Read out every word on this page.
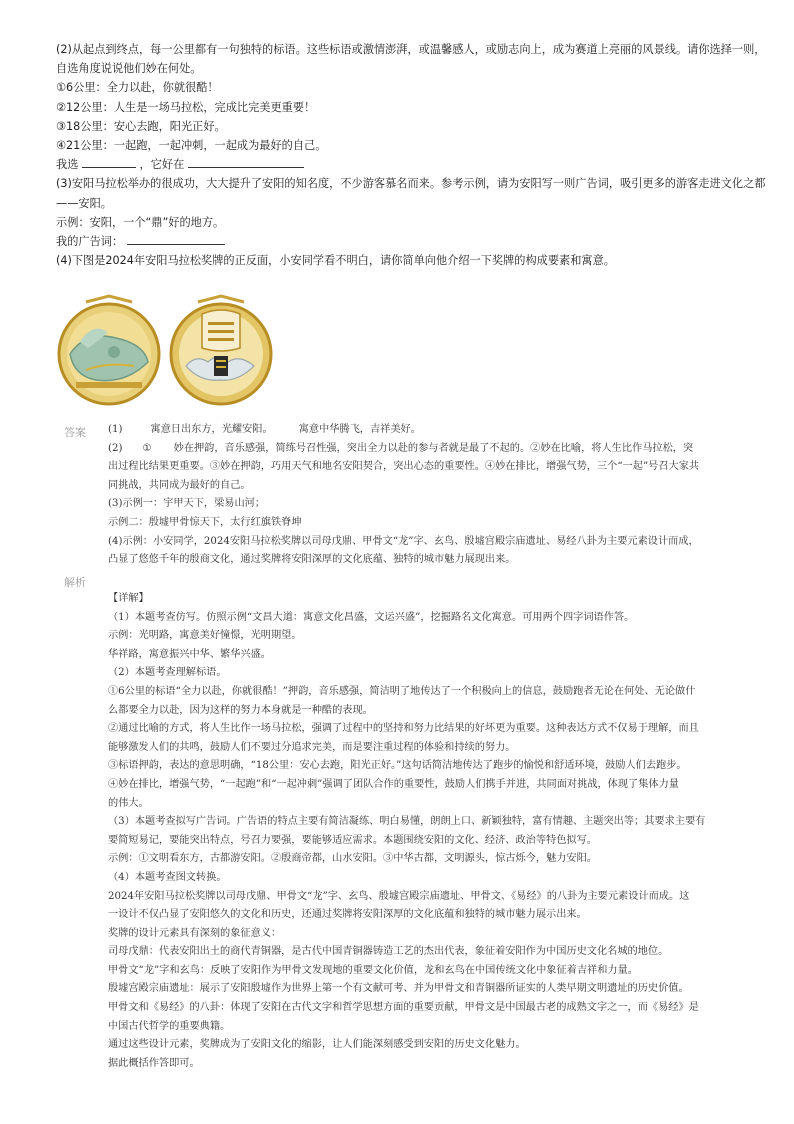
(2)从起点到终点，每一公里都有一句独特的标语。这些标语或激情澎湃，或温馨感人，或励志向上，成为赛道上亮丽的风景线。请你选择一则，自选角度说说他们妙在何处。

①6公里：全力以赴，你就很酷！

②12公里：人生是一场马拉松，完成比完美更重要！

③18公里：安心去跑，阳光正好。

④21公里：一起跑，一起冲刺，一起成为最好的自己。

我选	，它好在

(3)安阳马拉松举办的很成功，大大提升了安阳的知名度，不少游客慕名而来。参考示例，请为安阳写一则广告词，吸引更多的游客走进文化之都——安阳。

示例：安阳，一个“鼎”好的地方。

我的广告词：

(4)下图是2024年安阳马拉松奖牌的正反面，小安同学看不明白，请你简单向他介绍一下奖牌的构成要素和寓意。

答案 (1)	寓意日出东方，光耀安阳。	寓意中华腾飞，吉祥美好。

(2) ① 妙在押韵，音乐感强，简练号召性强，突出全力以赴的参与者就是最了不起的。②妙在比喻，将人生比作马拉松，突

出过程比结果更重要。③妙在押韵，巧用天气和地名安阳契合，突出心态的重要性。④妙在排比，增强气势，三个“一起”号召大家共

同挑战，共同成为最好的自己。

(3)示例一：宇甲天下，梁易山河；

示例二：殷墟甲骨惊天下，太行红旗铁脊坤

(4)示例：小安同学，2024安阳马拉松奖牌以司母戊鼎、甲骨文“龙”字、玄鸟、殷墟宫殿宗庙遗址、易经八卦为主要元素设计而成，

凸显了悠悠千年的殷商文化，通过奖牌将安阳深厚的文化底蕴、独特的城市魅力展现出来。

解析

【详解】

（1）本题考查仿写。仿照示例“文昌大道：寓意文化昌盛，文运兴盛”，挖掘路名文化寓意。可用两个四字词语作答。

示例：光明路，寓意美好憧憬，光明期望。

华祥路，寓意振兴中华、繁华兴盛。

（2）本题考查理解标语。

①6公里的标语“全力以赴，你就很酷！”押韵，音乐感强，简洁明了地传达了一个积极向上的信息，鼓励跑者无论在何处、无论做什

么都要全力以赴，因为这样的努力本身就是一种酷的表现。

②通过比喻的方式，将人生比作一场马拉松，强调了过程中的坚持和努力比结果的好坏更为重要。这种表达方式不仅易于理解，而且

能够激发人们的共鸣，鼓励人们不要过分追求完美，而是要注重过程的体验和持续的努力。

③标语押韵，表达的意思明确，“18公里：安心去跑，阳光正好。”这句话简洁地传达了跑步的愉悦和舒适环境，鼓励人们去跑步。

④妙在排比，增强气势，“一起跑”和“一起冲刺”强调了团队合作的重要性，鼓励人们携手并进，共同面对挑战，体现了集体力量

的伟大。

（3）本题考查拟写广告词。广告语的特点主要有简洁凝练、明白易懂，朗朗上口、新颖独特，富有情趣、主题突出等；其要求主要有

要简短易记，要能突出特点，号召力要强，要能够适应需求。本题围绕安阳的文化、经济、政治等特色拟写。

示例：①文明看东方，古都游安阳。②殷商帝都，山水安阳。③中华古都，文明源头，惊古烁今，魅力安阳。

（4）本题考查图文转换。

2024年安阳马拉松奖牌以司母戊鼎、甲骨文“龙”字、玄鸟、殷墟宫殿宗庙遗址、甲骨文、《易经》的八卦为主要元素设计而成。这

一设计不仅凸显了安阳悠久的文化和历史，还通过奖牌将安阳深厚的文化底蕴和独特的城市魅力展示出来。

奖牌的设计元素具有深刻的象征意义：

司母戊鼎：代表安阳出土的商代青铜器，是古代中国青铜器铸造工艺的杰出代表，象征着安阳作为中国历史文化名城的地位。

甲骨文“龙”字和玄鸟：反映了安阳作为甲骨文发现地的重要文化价值，龙和玄鸟在中国传统文化中象征着吉祥和力量。

殷墟宫殿宗庙遗址：展示了安阳殷墟作为世界上第一个有文献可考、并为甲骨文和青铜器所证实的人类早期文明遗址的历史价值。

甲骨文和《易经》的八卦：体现了安阳在古代文字和哲学思想方面的重要贡献，甲骨文是中国最古老的成熟文字之一，而《易经》是

中国古代哲学的重要典籍。

通过这些设计元素，奖牌成为了安阳文化的缩影，让人们能深刻感受到安阳的历史文化魅力。

据此概括作答即可。
